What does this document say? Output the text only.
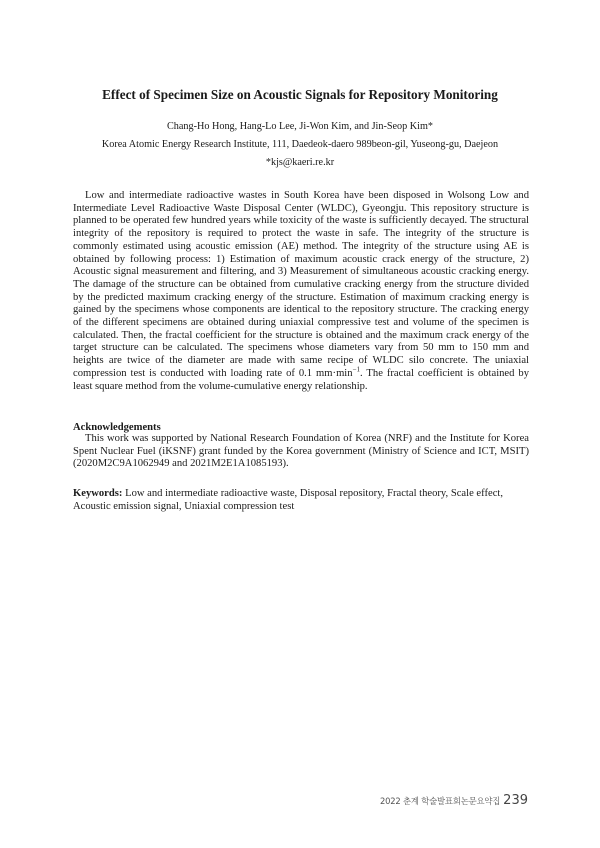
Effect of Specimen Size on Acoustic Signals for Repository Monitoring
Chang-Ho Hong, Hang-Lo Lee, Ji-Won Kim, and Jin-Seop Kim*
Korea Atomic Energy Research Institute, 111, Daedeok-daero 989beon-gil, Yuseong-gu, Daejeon
*kjs@kaeri.re.kr

Low and intermediate radioactive wastes in South Korea have been disposed in Wolsong Low and Intermediate Level Radioactive Waste Disposal Center (WLDC), Gyeongju. This repository structure is planned to be operated few hundred years while toxicity of the waste is sufficiently decayed. The structural integrity of the repository is required to protect the waste in safe. The integrity of the structure is commonly estimated using acoustic emission (AE) method. The integrity of the structure using AE is obtained by following process: 1) Estimation of maximum acoustic crack energy of the structure, 2) Acoustic signal measurement and filtering, and 3) Measurement of simultaneous acoustic cracking energy. The damage of the structure can be obtained from cumulative cracking energy from the structure divided by the predicted maximum cracking energy of the structure. Estimation of maximum cracking energy is gained by the specimens whose components are identical to the repository structure. The cracking energy of the different specimens are obtained during uniaxial compressive test and volume of the specimen is calculated. Then, the fractal coefficient for the structure is obtained and the maximum crack energy of the target structure can be calculated. The specimens whose diameters vary from 50 mm to 150 mm and heights are twice of the diameter are made with same recipe of WLDC silo concrete. The uniaxial compression test is conducted with loading rate of 0.1 $mm\cdot\min^{-1}$. The fractal coefficient is obtained by least square method from the volume-cumulative energy relationship.

Acknowledgements

This work was supported by National Research Foundation of Korea (NRF) and the Institute for Korea Spent Nuclear Fuel (iKSNF) grant funded by the Korea government (Ministry of Science and ICT, MSIT) (2020M2C9A1062949 and 2021M2E1A1085193).

Keywords: Low and intermediate radioactive waste, Disposal repository, Fractal theory, Scale effect, Acoustic emission signal, Uniaxial compression test

2022 춘계 학술발표회논문요약집 239
